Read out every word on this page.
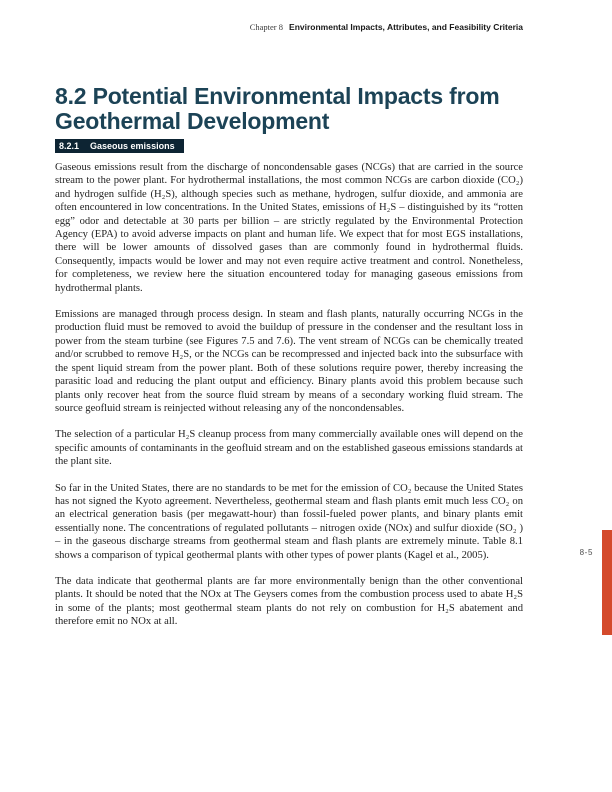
Chapter 8 Environmental Impacts, Attributes, and Feasibility Criteria
8.2 Potential Environmental Impacts from
Geothermal Development
8.2.1 Gaseous emissions

Gaseous emissions result from the discharge of noncondensable gases (NCGs) that are carried in the source stream to the power plant. For hydrothermal installations, the most common NCGs are carbon dioxide (CO₂) and hydrogen sulfide (H₂S), although species such as methane, hydrogen, sulfur dioxide, and ammonia are often encountered in low concentrations. In the United States, emissions of H₂S – distinguished by its “rotten egg” odor and detectable at 30 parts per billion – are strictly regulated by the Environmental Protection Agency (EPA) to avoid adverse impacts on plant and human life. We expect that for most EGS installations, there will be lower amounts of dissolved gases than are commonly found in hydrothermal fluids. Consequently, impacts would be lower and may not even require active treatment and control. Nonetheless, for completeness, we review here the situation encountered today for managing gaseous emissions from hydrothermal plants.

Emissions are managed through process design. In steam and flash plants, naturally occurring NCGs in the production fluid must be removed to avoid the buildup of pressure in the condenser and the resultant loss in power from the steam turbine (see Figures 7.5 and 7.6). The vent stream of NCGs can be chemically treated and/or scrubbed to remove H₂S, or the NCGs can be recompressed and injected back into the subsurface with the spent liquid stream from the power plant. Both of these solutions require power, thereby increasing the parasitic load and reducing the plant output and efficiency. Binary plants avoid this problem because such plants only recover heat from the source fluid stream by means of a secondary working fluid stream. The source geofluid stream is reinjected without releasing any of the noncondensables.

The selection of a particular H₂S cleanup process from many commercially available ones will depend on the specific amounts of contaminants in the geofluid stream and on the established gaseous emissions standards at the plant site.

So far in the United States, there are no standards to be met for the emission of CO₂ because the United States has not signed the Kyoto agreement. Nevertheless, geothermal steam and flash plants emit much less CO₂ on an electrical generation basis (per megawatt-hour) than fossil-fueled power plants, and binary plants emit essentially none. The concentrations of regulated pollutants – nitrogen oxide (NOx) and sulfur dioxide (SO₂ ) – in the gaseous discharge streams from geothermal steam and flash plants are extremely minute. Table 8.1 shows a comparison of typical geothermal plants with other types of power plants (Kagel et al., 2005).

The data indicate that geothermal plants are far more environmentally benign than the other conventional plants. It should be noted that the NOx at The Geysers comes from the combustion process used to abate H₂S in some of the plants; most geothermal steam plants do not rely on combustion for H₂S abatement and therefore emit no NOx at all.

8-5
